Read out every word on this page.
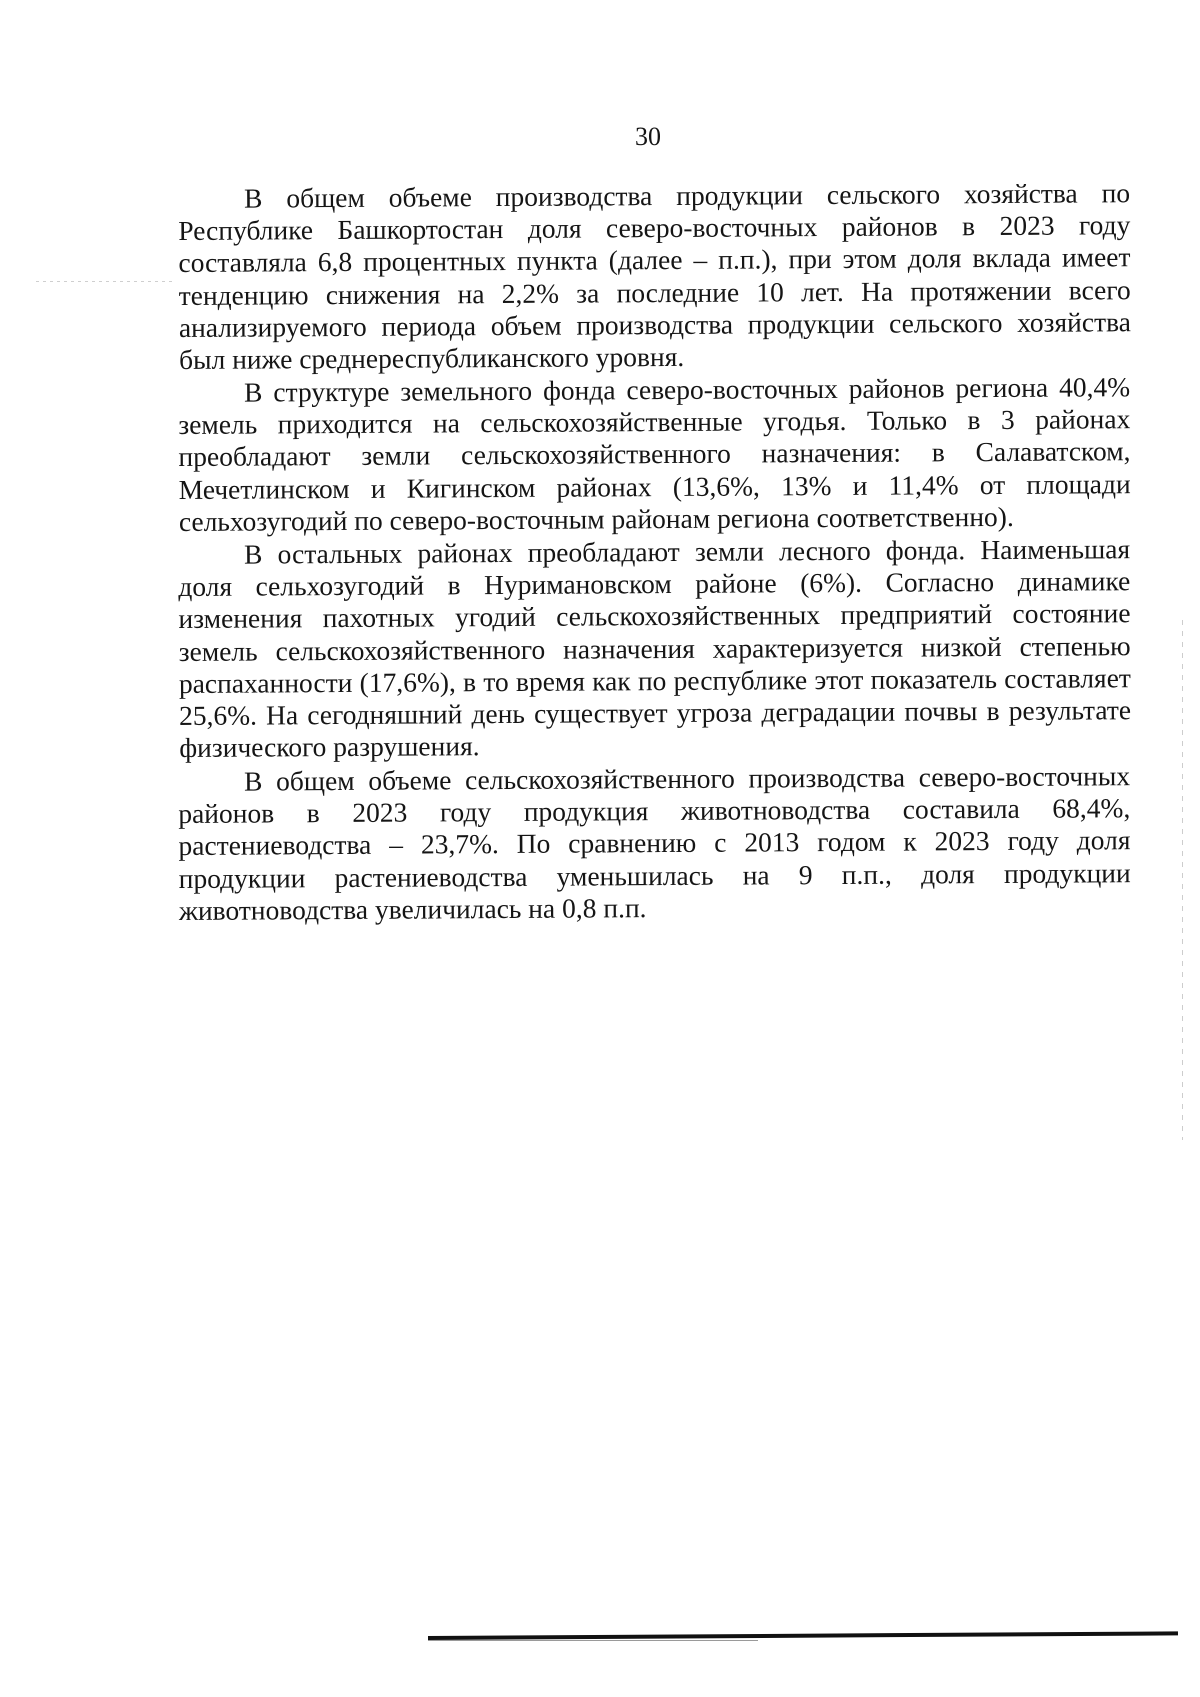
30

В общем объеме производства продукции сельского хозяйства по Республике Башкортостан доля северо-восточных районов в 2023 году составляла 6,8 процентных пункта (далее – п.п.), при этом доля вклада имеет тенденцию снижения на 2,2% за последние 10 лет. На протяжении всего анализируемого периода объем производства продукции сельского хозяйства был ниже среднереспубликанского уровня.

В структуре земельного фонда северо-восточных районов региона 40,4% земель приходится на сельскохозяйственные угодья. Только в 3 районах преобладают земли сельскохозяйственного назначения: в Салаватском, Мечетлинском и Кигинском районах (13,6%, 13% и 11,4% от площади сельхозугодий по северо-восточным районам региона соответственно).

В остальных районах преобладают земли лесного фонда. Наименьшая доля сельхозугодий в Нуримановском районе (6%). Согласно динамике изменения пахотных угодий сельскохозяйственных предприятий состояние земель сельскохозяйственного назначения характеризуется низкой степенью распаханности (17,6%), в то время как по республике этот показатель составляет 25,6%. На сегодняшний день существует угроза деградации почвы в результате физического разрушения.

В общем объеме сельскохозяйственного производства северо-восточных районов в 2023 году продукция животноводства составила 68,4%, растениеводства – 23,7%. По сравнению с 2013 годом к 2023 году доля продукции растениеводства уменьшилась на 9 п.п., доля продукции животноводства увеличилась на 0,8 п.п.
